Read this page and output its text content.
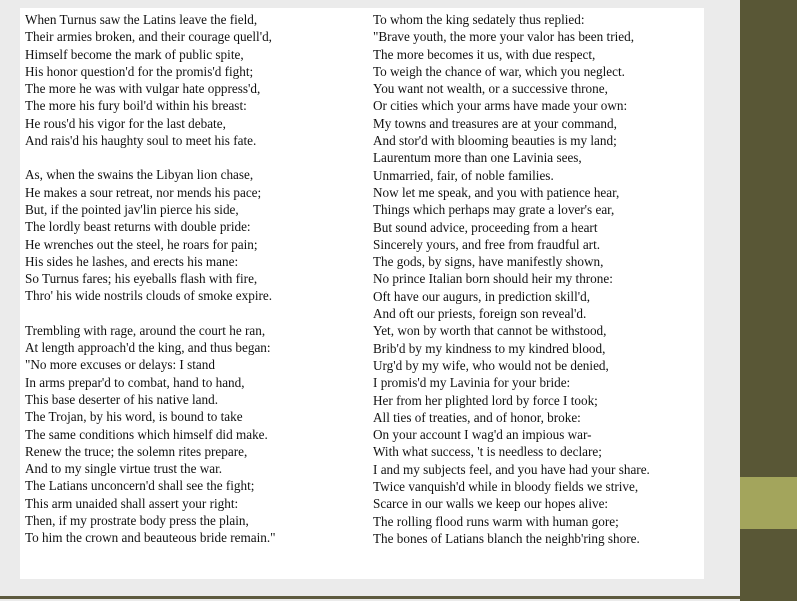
When Turnus saw the Latins leave the field,
Their armies broken, and their courage quell'd,
Himself become the mark of public spite,
His honor question'd for the promis'd fight;
The more he was with vulgar hate oppress'd,
The more his fury boil'd within his breast:
He rous'd his vigor for the last debate,
And rais'd his haughty soul to meet his fate.
As, when the swains the Libyan lion chase,
He makes a sour retreat, nor mends his pace;
But, if the pointed jav'lin pierce his side,
The lordly beast returns with double pride:
He wrenches out the steel, he roars for pain;
His sides he lashes, and erects his mane:
So Turnus fares; his eyeballs flash with fire,
Thro' his wide nostrils clouds of smoke expire.
Trembling with rage, around the court he ran,
At length approach'd the king, and thus began:
"No more excuses or delays: I stand
In arms prepar'd to combat, hand to hand,
This base deserter of his native land.
The Trojan, by his word, is bound to take
The same conditions which himself did make.
Renew the truce; the solemn rites prepare,
And to my single virtue trust the war.
The Latians unconcern'd shall see the fight;
This arm unaided shall assert your right:
Then, if my prostrate body press the plain,
To him the crown and beauteous bride remain."
To whom the king sedately thus replied:
"Brave youth, the more your valor has been tried,
The more becomes it us, with due respect,
To weigh the chance of war, which you neglect.
You want not wealth, or a successive throne,
Or cities which your arms have made your own:
My towns and treasures are at your command,
And stor'd with blooming beauties is my land;
Laurentum more than one Lavinia sees,
Unmarried, fair, of noble families.
Now let me speak, and you with patience hear,
Things which perhaps may grate a lover's ear,
But sound advice, proceeding from a heart
Sincerely yours, and free from fraudful art.
The gods, by signs, have manifestly shown,
No prince Italian born should heir my throne:
Oft have our augurs, in prediction skill'd,
And oft our priests, foreign son reveal'd.
Yet, won by worth that cannot be withstood,
Brib'd by my kindness to my kindred blood,
Urg'd by my wife, who would not be denied,
I promis'd my Lavinia for your bride:
Her from her plighted lord by force I took;
All ties of treaties, and of honor, broke:
On your account I wag'd an impious war-
With what success, 't is needless to declare;
I and my subjects feel, and you have had your share.
Twice vanquish'd while in bloody fields we strive,
Scarce in our walls we keep our hopes alive:
The rolling flood runs warm with human gore;
The bones of Latians blanch the neighb'ring shore.
